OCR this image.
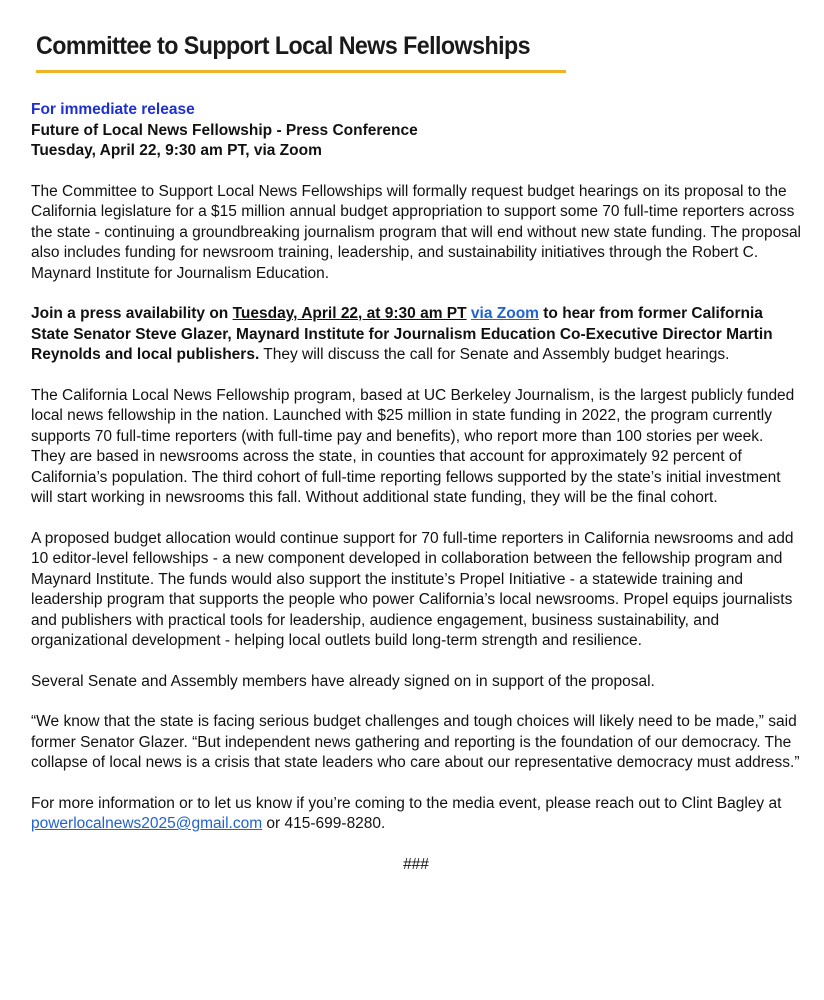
Committee to Support Local News Fellowships
For immediate release
Future of Local News Fellowship - Press Conference
Tuesday, April 22, 9:30 am PT, via Zoom

The Committee to Support Local News Fellowships will formally request budget hearings on its proposal to the California legislature for a $15 million annual budget appropriation to support some 70 full-time reporters across the state - continuing a groundbreaking journalism program that will end without new state funding. The proposal also includes funding for newsroom training, leadership, and sustainability initiatives through the Robert C. Maynard Institute for Journalism Education.

Join a press availability on Tuesday, April 22, at 9:30 am PT via Zoom to hear from former California State Senator Steve Glazer, Maynard Institute for Journalism Education Co-Executive Director Martin Reynolds and local publishers. They will discuss the call for Senate and Assembly budget hearings.

The California Local News Fellowship program, based at UC Berkeley Journalism, is the largest publicly funded local news fellowship in the nation. Launched with $25 million in state funding in 2022, the program currently supports 70 full-time reporters (with full-time pay and benefits), who report more than 100 stories per week. They are based in newsrooms across the state, in counties that account for approximately 92 percent of California’s population. The third cohort of full-time reporting fellows supported by the state’s initial investment will start working in newsrooms this fall. Without additional state funding, they will be the final cohort.

A proposed budget allocation would continue support for 70 full-time reporters in California newsrooms and add 10 editor-level fellowships - a new component developed in collaboration between the fellowship program and Maynard Institute. The funds would also support the institute’s Propel Initiative - a statewide training and leadership program that supports the people who power California’s local newsrooms. Propel equips journalists and publishers with practical tools for leadership, audience engagement, business sustainability, and organizational development - helping local outlets build long-term strength and resilience.

Several Senate and Assembly members have already signed on in support of the proposal.

“We know that the state is facing serious budget challenges and tough choices will likely need to be made,” said former Senator Glazer. “But independent news gathering and reporting is the foundation of our democracy. The collapse of local news is a crisis that state leaders who care about our representative democracy must address.”

For more information or to let us know if you’re coming to the media event, please reach out to Clint Bagley at powerlocalnews2025@gmail.com or 415-699-8280.

###
